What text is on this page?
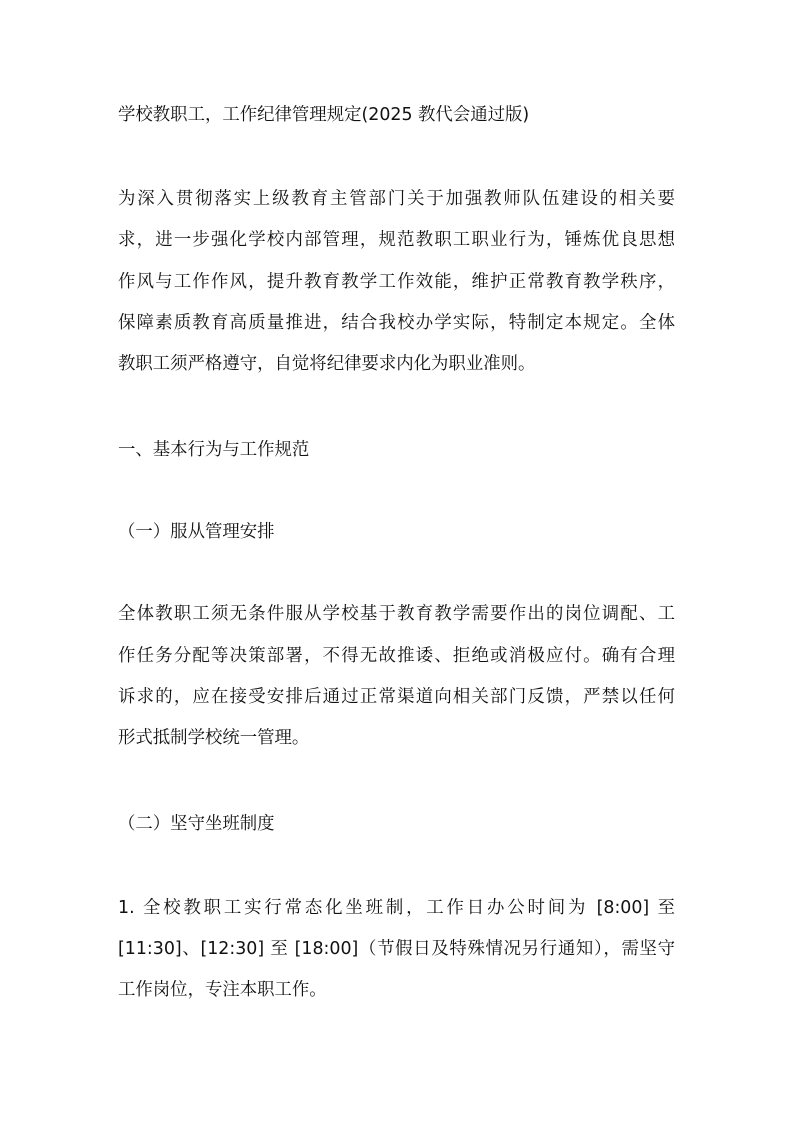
学校教职工，工作纪律管理规定(2025 教代会通过版)
为深入贯彻落实上级教育主管部门关于加强教师队伍建设的相关要
求，进一步强化学校内部管理，规范教职工职业行为，锤炼优良思想
作风与工作作风，提升教育教学工作效能，维护正常教育教学秩序，
保障素质教育高质量推进，结合我校办学实际，特制定本规定。全体
教职工须严格遵守，自觉将纪律要求内化为职业准则。
一、基本行为与工作规范
（一）服从管理安排
全体教职工须无条件服从学校基于教育教学需要作出的岗位调配、工
作任务分配等决策部署，不得无故推诿、拒绝或消极应付。确有合理
诉求的，应在接受安排后通过正常渠道向相关部门反馈，严禁以任何
形式抵制学校统一管理。
（二）坚守坐班制度
1. 全校教职工实行常态化坐班制，工作日办公时间为 [8:00] 至
[11:30]、[12:30] 至 [18:00]（节假日及特殊情况另行通知），需坚守
工作岗位，专注本职工作。
